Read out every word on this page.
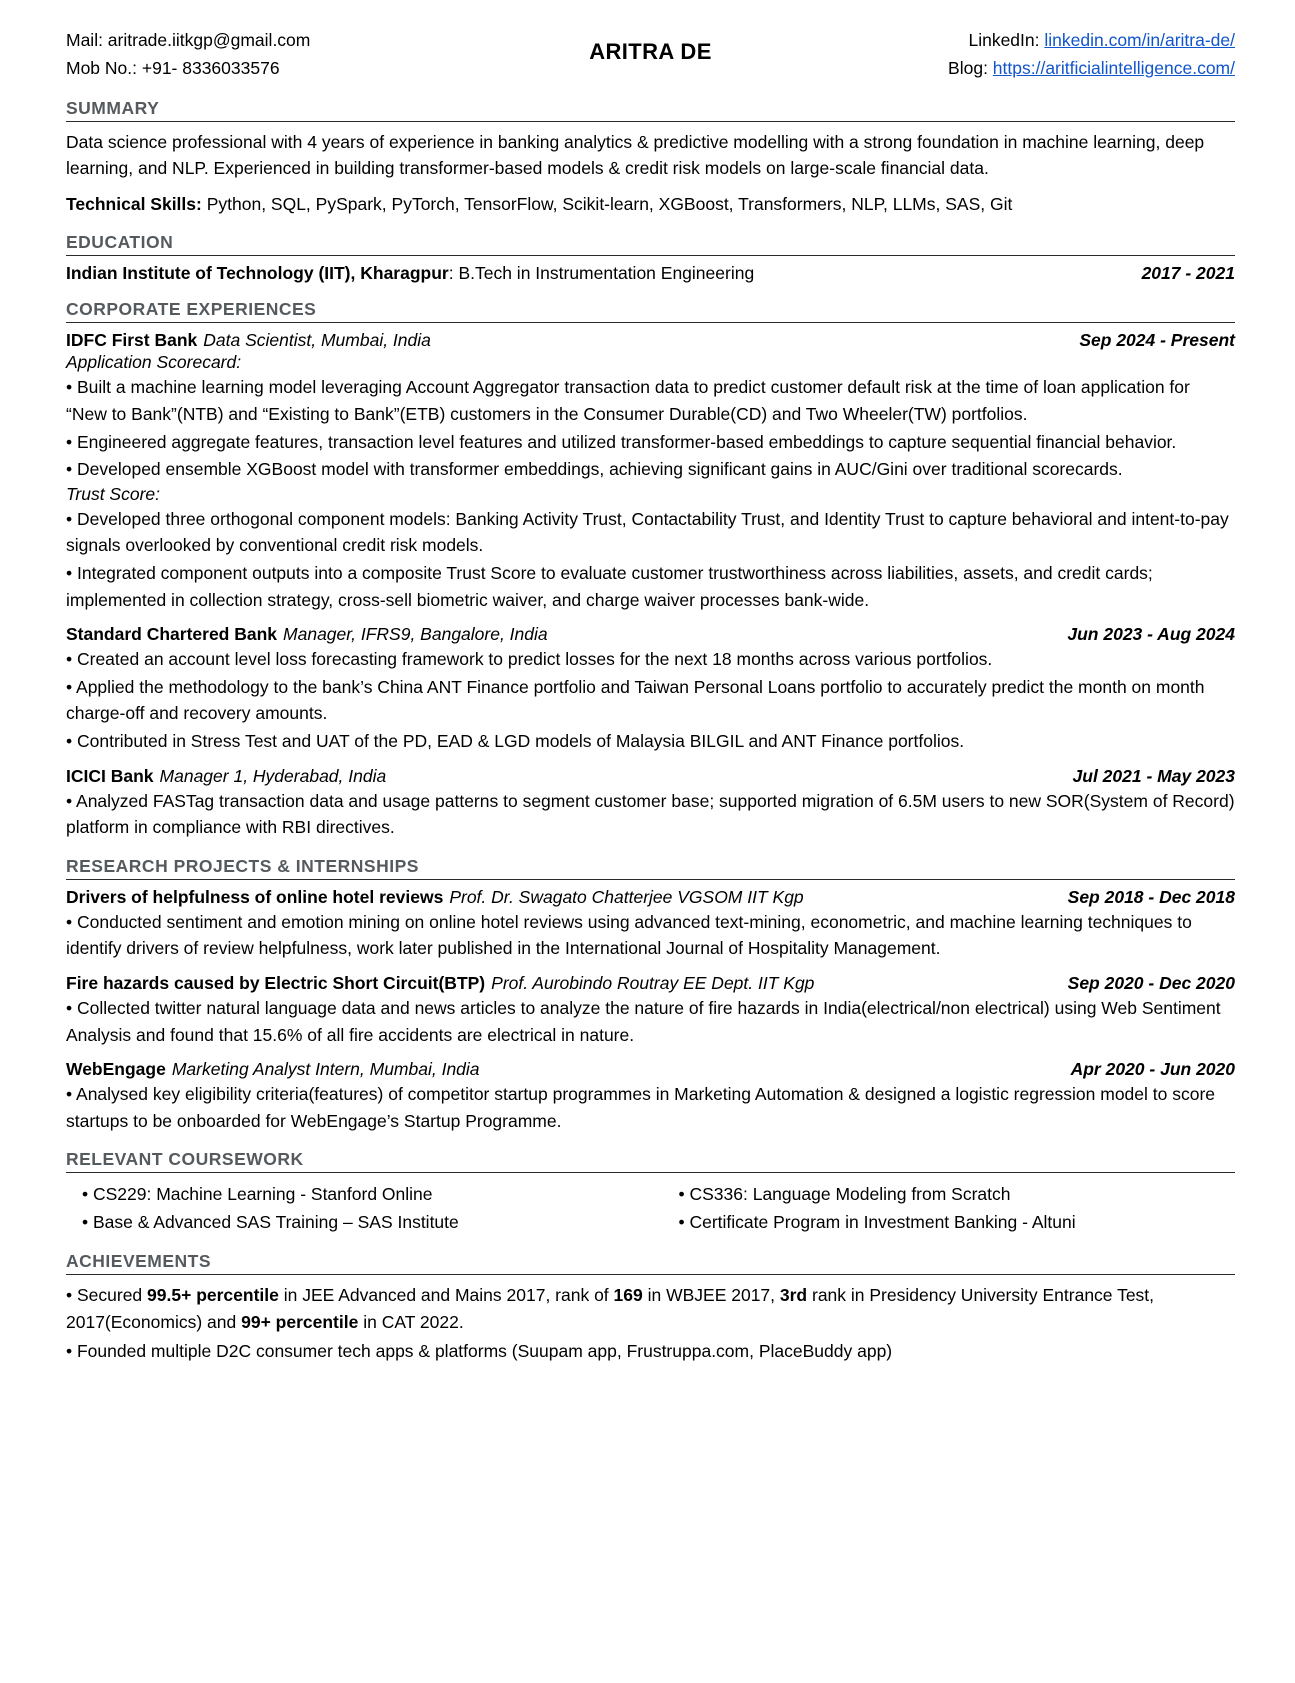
Mail: aritrade.iitkgp@gmail.com
Mob No.: +91- 8336033576
ARITRA DE	LinkedIn: linkedin.com/in/aritra-de/
Blog: https://aritficialintelligence.com/
SUMMARY

Data science professional with 4 years of experience in banking analytics & predictive modelling with a strong foundation in machine learning, deep learning, and NLP. Experienced in building transformer-based models & credit risk models on large-scale financial data.

Technical Skills: Python, SQL, PySpark, PyTorch, TensorFlow, Scikit-learn, XGBoost, Transformers, NLP, LLMs, SAS, Git

EDUCATION
Indian Institute of Technology (IIT), Kharagpur: B.Tech in Instrumentation Engineering	2017 - 2021
CORPORATE EXPERIENCES
IDFC First Bank Data Scientist, Mumbai, India	Sep 2024 - Present
Application Scorecard:

• Built a machine learning model leveraging Account Aggregator transaction data to predict customer default risk at the time of loan application for “New to Bank”(NTB) and “Existing to Bank”(ETB) customers in the Consumer Durable(CD) and Two Wheeler(TW) portfolios.

• Engineered aggregate features, transaction level features and utilized transformer-based embeddings to capture sequential financial behavior.

• Developed ensemble XGBoost model with transformer embeddings, achieving significant gains in AUC/Gini over traditional scorecards.

Trust Score:

• Developed three orthogonal component models: Banking Activity Trust, Contactability Trust, and Identity Trust to capture behavioral and intent-to-pay signals overlooked by conventional credit risk models.

• Integrated component outputs into a composite Trust Score to evaluate customer trustworthiness across liabilities, assets, and credit cards; implemented in collection strategy, cross-sell biometric waiver, and charge waiver processes bank-wide.

Standard Chartered Bank Manager, IFRS9, Bangalore, India	Jun 2023 - Aug 2024

• Created an account level loss forecasting framework to predict losses for the next 18 months across various portfolios.

• Applied the methodology to the bank’s China ANT Finance portfolio and Taiwan Personal Loans portfolio to accurately predict the month on month charge-off and recovery amounts.

• Contributed in Stress Test and UAT of the PD, EAD & LGD models of Malaysia BILGIL and ANT Finance portfolios.

ICICI Bank Manager 1, Hyderabad, India	Jul 2021 - May 2023

• Analyzed FASTag transaction data and usage patterns to segment customer base; supported migration of 6.5M users to new SOR(System of Record) platform in compliance with RBI directives.

RESEARCH PROJECTS & INTERNSHIPS
Drivers of helpfulness of online hotel reviews Prof. Dr. Swagato Chatterjee VGSOM IIT Kgp	Sep 2018 - Dec 2018

• Conducted sentiment and emotion mining on online hotel reviews using advanced text-mining, econometric, and machine learning techniques to identify drivers of review helpfulness, work later published in the International Journal of Hospitality Management.

Fire hazards caused by Electric Short Circuit(BTP) Prof. Aurobindo Routray EE Dept. IIT Kgp	Sep 2020 - Dec 2020

• Collected twitter natural language data and news articles to analyze the nature of fire hazards in India(electrical/non electrical) using Web Sentiment Analysis and found that 15.6% of all fire accidents are electrical in nature.

WebEngage Marketing Analyst Intern, Mumbai, India	Apr 2020 - Jun 2020

• Analysed key eligibility criteria(features) of competitor startup programmes in Marketing Automation & designed a logistic regression model to score startups to be onboarded for WebEngage’s Startup Programme.

RELEVANT COURSEWORK
• CS229: Machine Learning - Stanford Online
• Base & Advanced SAS Training – SAS Institute
• CS336: Language Modeling from Scratch
• Certificate Program in Investment Banking - Altuni
ACHIEVEMENTS

• Secured 99.5+ percentile in JEE Advanced and Mains 2017, rank of 169 in WBJEE 2017, 3rd rank in Presidency University Entrance Test, 2017(Economics) and 99+ percentile in CAT 2022.

• Founded multiple D2C consumer tech apps & platforms (Suupam app, Frustruppa.com, PlaceBuddy app)
